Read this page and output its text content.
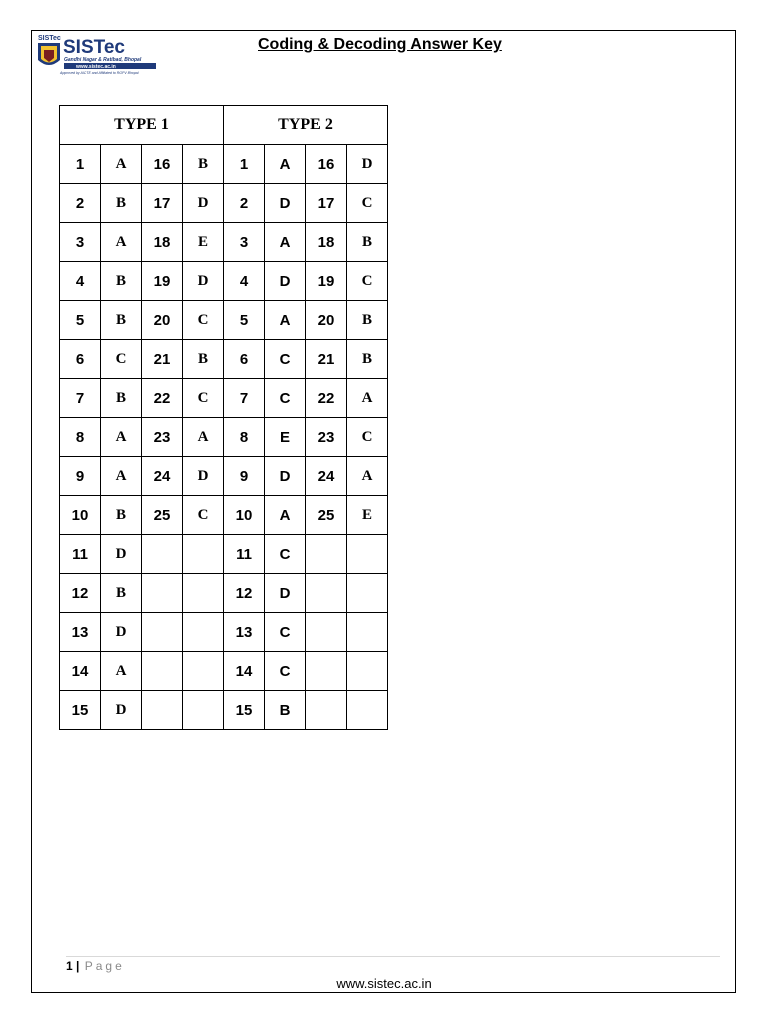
SISTec SISTec
Gandhi Nagar & Ratibad, Bhopal
www.sistec.ac.in
Approved by AICTE and Affiliated to RGPV Bhopal
Coding & Decoding Answer Key
TYPE 1				TYPE 2			
1	A	16	B	1	A	16	D
2	B	17	D	2	D	17	C
3	A	18	E	3	A	18	B
4	B	19	D	4	D	19	C
5	B	20	C	5	A	20	B
6	C	21	B	6	C	21	B
7	B	22	C	7	C	22	A
8	A	23	A	8	E	23	C
9	A	24	D	9	D	24	A
10	B	25	C	10	A	25	E
11	D			11	C		
12	B			12	D		
13	D			13	C		
14	A			14	C		
15	D			15	B		
1 | Page
www.sistec.ac.in
